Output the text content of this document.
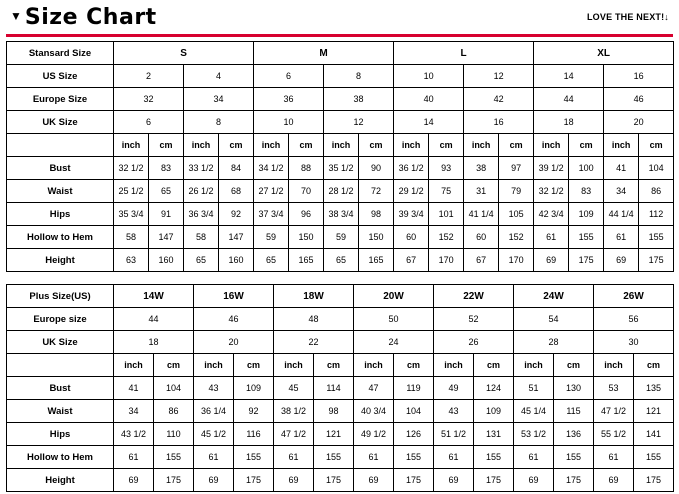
▼ Size Chart	LOVE THE NEXT!↓
Stansard Size	S				M				L				XL			
US Size	2		4		6		8		10		12		14		16	
Europe Size	32		34		36		38		40		42		44		46	
UK Size	6		8		10		12		14		16		18		20	
	inch	cm	inch	cm	inch	cm	inch	cm	inch	cm	inch	cm	inch	cm	inch	cm
Bust	32 1/2	83	33 1/2	84	34 1/2	88	35 1/2	90	36 1/2	93	38	97	39 1/2	100	41	104
Waist	25 1/2	65	26 1/2	68	27 1/2	70	28 1/2	72	29 1/2	75	31	79	32 1/2	83	34	86
Hips	35 3/4	91	36 3/4	92	37 3/4	96	38 3/4	98	39 3/4	101	41 1/4	105	42 3/4	109	44 1/4	112
Hollow to Hem	58	147	58	147	59	150	59	150	60	152	60	152	61	155	61	155
Height	63	160	65	160	65	165	65	165	67	170	67	170	69	175	69	175
Plus Size(US)	14W		16W		18W		20W		22W		24W		26W	
Europe size	44		46		48		50		52		54		56	
UK Size	18		20		22		24		26		28		30	
	inch	cm	inch	cm	inch	cm	inch	cm	inch	cm	inch	cm	inch	cm
Bust	41	104	43	109	45	114	47	119	49	124	51	130	53	135
Waist	34	86	36 1/4	92	38 1/2	98	40 3/4	104	43	109	45 1/4	115	47 1/2	121
Hips	43 1/2	110	45 1/2	116	47 1/2	121	49 1/2	126	51 1/2	131	53 1/2	136	55 1/2	141
Hollow to Hem	61	155	61	155	61	155	61	155	61	155	61	155	61	155
Height	69	175	69	175	69	175	69	175	69	175	69	175	69	175
